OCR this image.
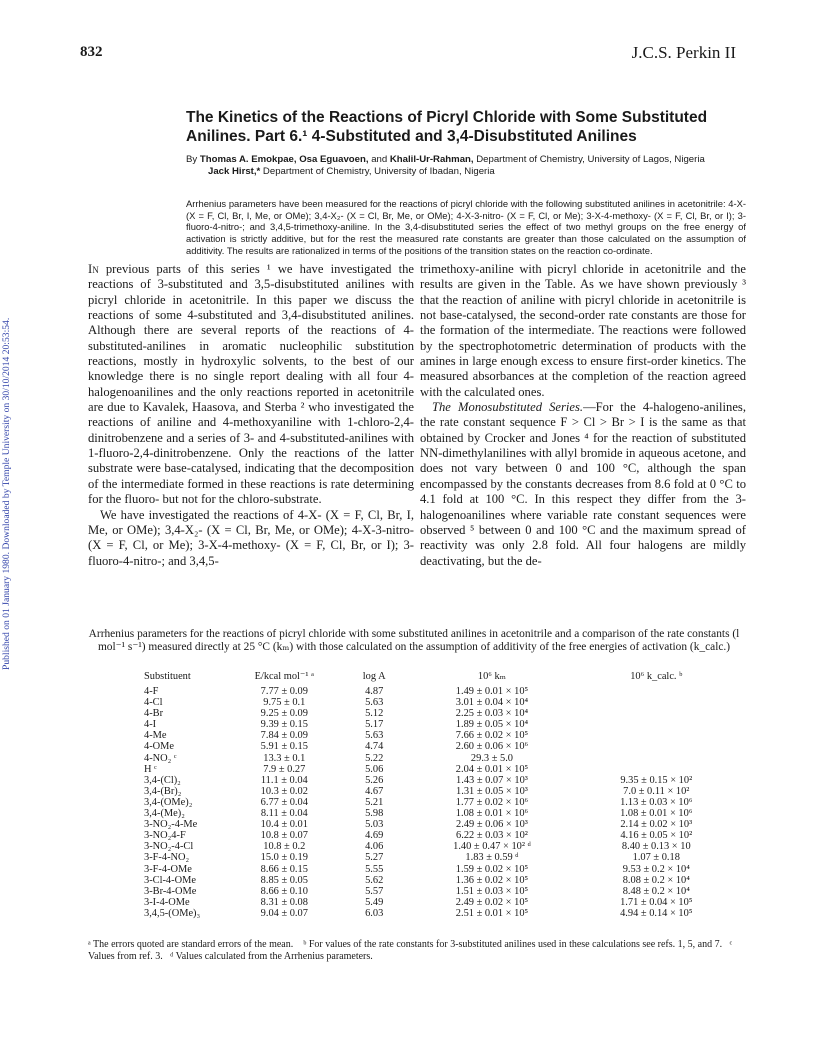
832	J.C.S. Perkin II
Published on 01 January 1980. Downloaded by Temple University on 30/10/2014 20:53:54.
The Kinetics of the Reactions of Picryl Chloride with Some Substituted Anilines. Part 6.¹ 4-Substituted and 3,4-Disubstituted Anilines
By Thomas A. Emokpae, Osa Eguavoen, and Khalil-Ur-Rahman, Department of Chemistry, University of Lagos, Nigeria
Jack Hirst,* Department of Chemistry, University of Ibadan, Nigeria
Arrhenius parameters have been measured for the reactions of picryl chloride with the following substituted anilines in acetonitrile: 4-X- (X = F, Cl, Br, I, Me, or OMe); 3,4-X₂- (X = Cl, Br, Me, or OMe); 4-X-3-nitro- (X = F, Cl, or Me); 3-X-4-methoxy- (X = F, Cl, Br, or I); 3-fluoro-4-nitro-; and 3,4,5-trimethoxy-aniline. In the 3,4-disubstituted series the effect of two methyl groups on the free energy of activation is strictly additive, but for the rest the measured rate constants are greater than those calculated on the assumption of additivity. The results are rationalized in terms of the positions of the transition states on the reaction co-ordinate.

In previous parts of this series ¹ we have investigated the reactions of 3-substituted and 3,5-disubstituted anilines with picryl chloride in acetonitrile. In this paper we discuss the reactions of some 4-substituted and 3,4-disubstituted anilines. Although there are several reports of the reactions of 4-substituted-anilines in aromatic nucleophilic substitution reactions, mostly in hydroxylic solvents, to the best of our knowledge there is no single report dealing with all four 4-halogenoanilines and the only reactions reported in acetonitrile are due to Kavalek, Haasova, and Sterba ² who investigated the reactions of aniline and 4-methoxyaniline with 1-chloro-2,4-dinitrobenzene and a series of 3- and 4-substituted-anilines with 1-fluoro-2,4-dinitrobenzene. Only the reactions of the latter substrate were base-catalysed, indicating that the decomposition of the intermediate formed in these reactions is rate determining for the fluoro- but not for the chloro-substrate.

We have investigated the reactions of 4-X- (X = F, Cl, Br, I, Me, or OMe); 3,4-X₂- (X = Cl, Br, Me, or OMe); 4-X-3-nitro- (X = F, Cl, or Me); 3-X-4-methoxy- (X = F, Cl, Br, or I); 3-fluoro-4-nitro-; and 3,4,5-

trimethoxy-aniline with picryl chloride in acetonitrile and the results are given in the Table. As we have shown previously ³ that the reaction of aniline with picryl chloride in acetonitrile is not base-catalysed, the second-order rate constants are those for the formation of the intermediate. The reactions were followed by the spectrophotometric determination of products with the amines in large enough excess to ensure first-order kinetics. The measured absorbances at the completion of the reaction agreed with the calculated ones.

The Monosubstituted Series.—For the 4-halogeno-anilines, the rate constant sequence F > Cl > Br > I is the same as that obtained by Crocker and Jones ⁴ for the reaction of substituted NN-dimethylanilines with allyl bromide in aqueous acetone, and does not vary between 0 and 100 °C, although the span encompassed by the constants decreases from 8.6 fold at 0 °C to 4.1 fold at 100 °C. In this respect they differ from the 3-halogenoanilines where variable rate constant sequences were observed ⁵ between 0 and 100 °C and the maximum spread of reactivity was only 2.8 fold. All four halogens are mildly deactivating, but the de-

Arrhenius parameters for the reactions of picryl chloride with some substituted anilines in acetonitrile and a comparison of the rate constants (l mol⁻¹ s⁻¹) measured directly at 25 °C (kₘ) with those calculated on the assumption of additivity of the free energies of activation (k_calc.)
Substituent	E/kcal mol⁻¹ ᵃ	log A	10⁶ kₘ	10⁶ k_calc. ᵇ
4-F	7.77 ± 0.09	4.87	1.49 ± 0.01 × 10⁵	
4-Cl	9.75 ± 0.1	5.63	3.01 ± 0.04 × 10⁴	
4-Br	9.25 ± 0.09	5.12	2.25 ± 0.03 × 10⁴	
4-I	9.39 ± 0.15	5.17	1.89 ± 0.05 × 10⁴	
4-Me	7.84 ± 0.09	5.63	7.66 ± 0.02 × 10⁵	
4-OMe	5.91 ± 0.15	4.74	2.60 ± 0.06 × 10⁶	
4-NO₂ ᶜ	13.3 ± 0.1	5.22	29.3 ± 5.0	
H ᶜ	7.9 ± 0.27	5.06	2.04 ± 0.01 × 10⁵	
3,4-(Cl)₂	11.1 ± 0.04	5.26	1.43 ± 0.07 × 10³	9.35 ± 0.15 × 10²
3,4-(Br)₂	10.3 ± 0.02	4.67	1.31 ± 0.05 × 10³	7.0 ± 0.11 × 10²
3,4-(OMe)₂	6.77 ± 0.04	5.21	1.77 ± 0.02 × 10⁶	1.13 ± 0.03 × 10⁶
3,4-(Me)₂	8.11 ± 0.04	5.98	1.08 ± 0.01 × 10⁶	1.08 ± 0.01 × 10⁶
3-NO₂-4-Me	10.4 ± 0.01	5.03	2.49 ± 0.06 × 10³	2.14 ± 0.02 × 10³
3-NO₂4-F	10.8 ± 0.07	4.69	6.22 ± 0.03 × 10²	4.16 ± 0.05 × 10²
3-NO₂-4-Cl	10.8 ± 0.2	4.06	1.40 ± 0.47 × 10² ᵈ	8.40 ± 0.13 × 10
3-F-4-NO₂	15.0 ± 0.19	5.27	1.83 ± 0.59 ᵈ	1.07 ± 0.18
3-F-4-OMe	8.66 ± 0.15	5.55	1.59 ± 0.02 × 10⁵	9.53 ± 0.2 × 10⁴
3-Cl-4-OMe	8.85 ± 0.05	5.62	1.36 ± 0.02 × 10⁵	8.08 ± 0.2 × 10⁴
3-Br-4-OMe	8.66 ± 0.10	5.57	1.51 ± 0.03 × 10⁵	8.48 ± 0.2 × 10⁴
3-I-4-OMe	8.31 ± 0.08	5.49	2.49 ± 0.02 × 10⁵	1.71 ± 0.04 × 10⁵
3,4,5-(OMe)₃	9.04 ± 0.07	6.03	2.51 ± 0.01 × 10⁵	4.94 ± 0.14 × 10⁵
ᵃ The errors quoted are standard errors of the mean. ᵇ For values of the rate constants for 3-substituted anilines used in these calculations see refs. 1, 5, and 7. ᶜ Values from ref. 3. ᵈ Values calculated from the Arrhenius parameters.
